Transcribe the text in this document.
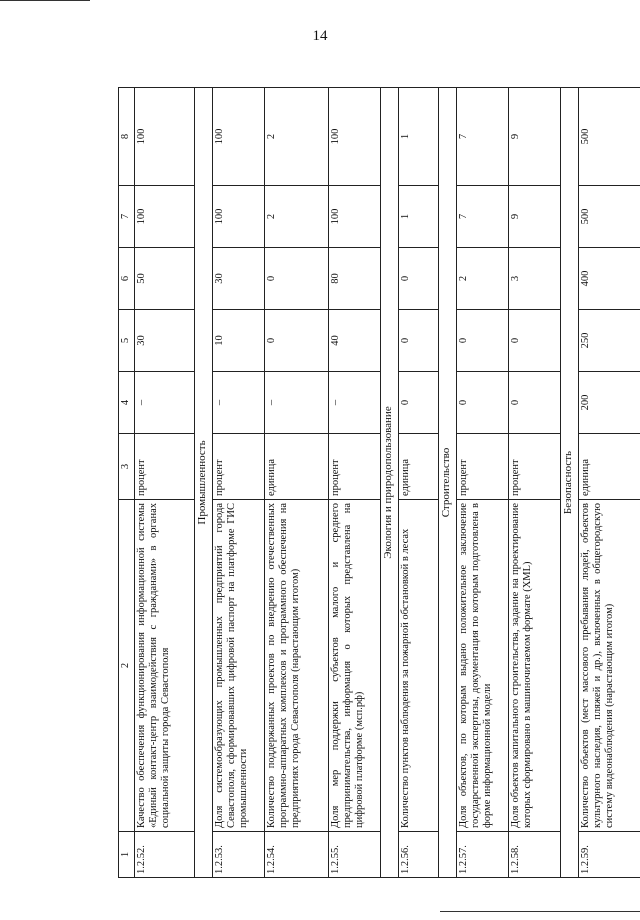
14
1	2	3	4	5	6	7	8
1.2.52.	Качество обеспечения функционирования информационной системы «Единый контакт-центр взаимодействия с гражданами» в органах социальной защиты города Севастополя	процент	–	30	50	100	100
Промышленность							
1.2.53.	Доля системообразующих промышленных предприятий города Севастополя, сформировавших цифровой паспорт на платформе ГИС промышленности	процент	–	10	30	100	100
1.2.54.	Количество поддержанных проектов по внедрению отечественных программно-аппаратных комплексов и программного обеспечения на предприятиях города Севастополя (нарастающим итогом)	единица	–	0	0	2	2
1.2.55.	Доля мер поддержки субъектов малого и среднего предпринимательства, информация о которых представлена на цифровой платформе (мсп.рф)	процент	–	40	80	100	100
Экология и природопользование							
1.2.56.	Количество пунктов наблюдения за пожарной обстановкой в лесах	единица	0	0	0	1	1
Строительство							
1.2.57.	Доля объектов, по которым выдано положительное заключение государственной экспертизы, документация по которым подготовлена в форме информационной модели	процент	0	0	2	7	7
1.2.58.	Доля объектов капитального строительства, задание на проектирование которых сформировано в машиночитаемом формате (XML)	процент	0	0	3	9	9
Безопасность							
1.2.59.	Количество объектов (мест массового пребывания людей, объектов культурного наследия, пляжей и др.), включенных в общегородскую систему видеонаблюдения (нарастающим итогом)	единица	200	250	400	500	500
